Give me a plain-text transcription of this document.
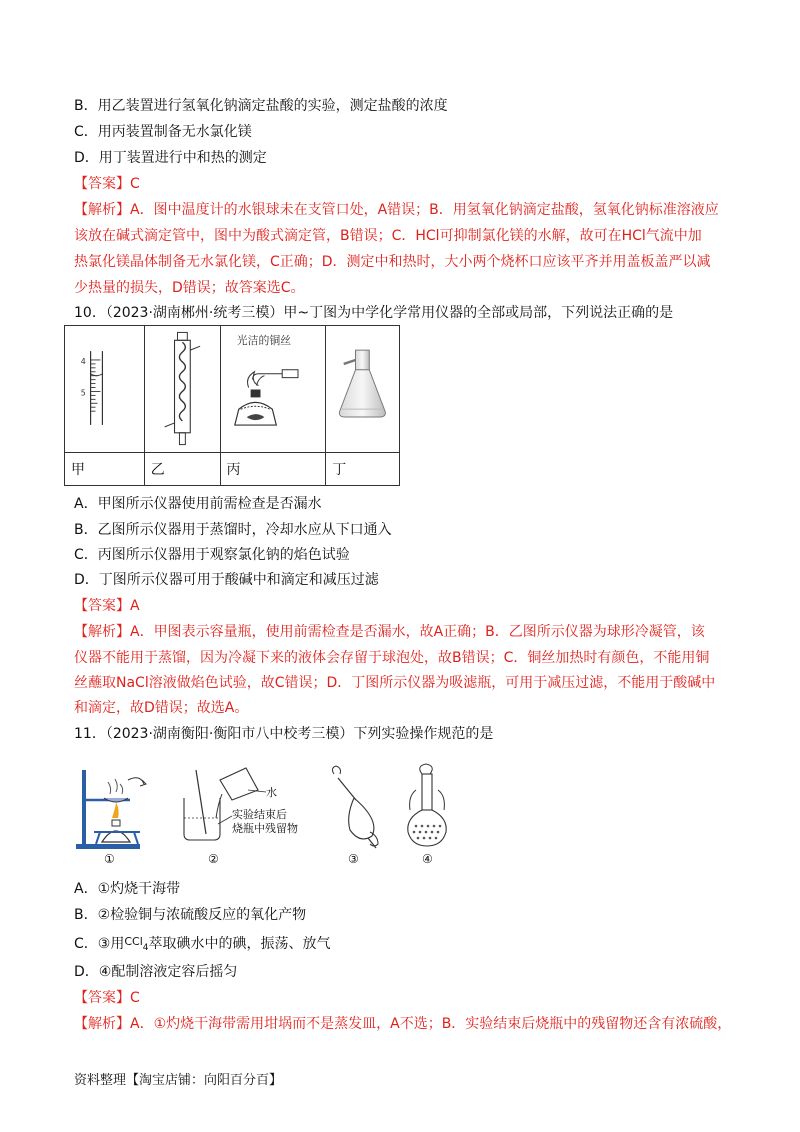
B．用乙装置进行氢氧化钠滴定盐酸的实验，测定盐酸的浓度
C．用丙装置制备无水氯化镁
D．用丁装置进行中和热的测定
【答案】C
【解析】A．图中温度计的水银球未在支管口处，A错误；B．用氢氧化钠滴定盐酸，氢氧化钠标准溶液应
该放在碱式滴定管中，图中为酸式滴定管，B错误；C．HCl可抑制氯化镁的水解，故可在HCl气流中加
热氯化镁晶体制备无水氯化镁，C正确；D．测定中和热时，大小两个烧杯口应该平齐并用盖板盖严以减
少热量的损失，D错误；故答案选C。
10．（2023·湖南郴州·统考三模）甲~丁图为中学化学常用仪器的全部或局部，下列说法正确的是
4
5		光洁的铜丝

甲	乙	丙	丁
A．甲图所示仪器使用前需检查是否漏水
B．乙图所示仪器用于蒸馏时，冷却水应从下口通入
C．丙图所示仪器用于观察氯化钠的焰色试验
D．丁图所示仪器可用于酸碱中和滴定和减压过滤
【答案】A
【解析】A．甲图表示容量瓶，使用前需检查是否漏水，故A正确；B．乙图所示仪器为球形冷凝管，该
仪器不能用于蒸馏，因为冷凝下来的液体会存留于球泡处，故B错误；C．铜丝加热时有颜色，不能用铜
丝蘸取NaCl溶液做焰色试验，故C错误；D．丁图所示仪器为吸滤瓶，可用于减压过滤，不能用于酸碱中
和滴定，故D错误；故选A。
11．（2023·湖南衡阳·衡阳市八中校考三模）下列实验操作规范的是
①
水
实验结束后
烧瓶中残留物
②	③	④
A．①灼烧干海带
B．②检验铜与浓硫酸反应的氧化产物
C．③用$^{CCl}_4$萃取碘水中的碘，振荡、放气
D．④配制溶液定容后摇匀
【答案】C
【解析】A．①灼烧干海带需用坩埚而不是蒸发皿，A不选；B．实验结束后烧瓶中的残留物还含有浓硫酸，
资料整理【淘宝店铺：向阳百分百】
